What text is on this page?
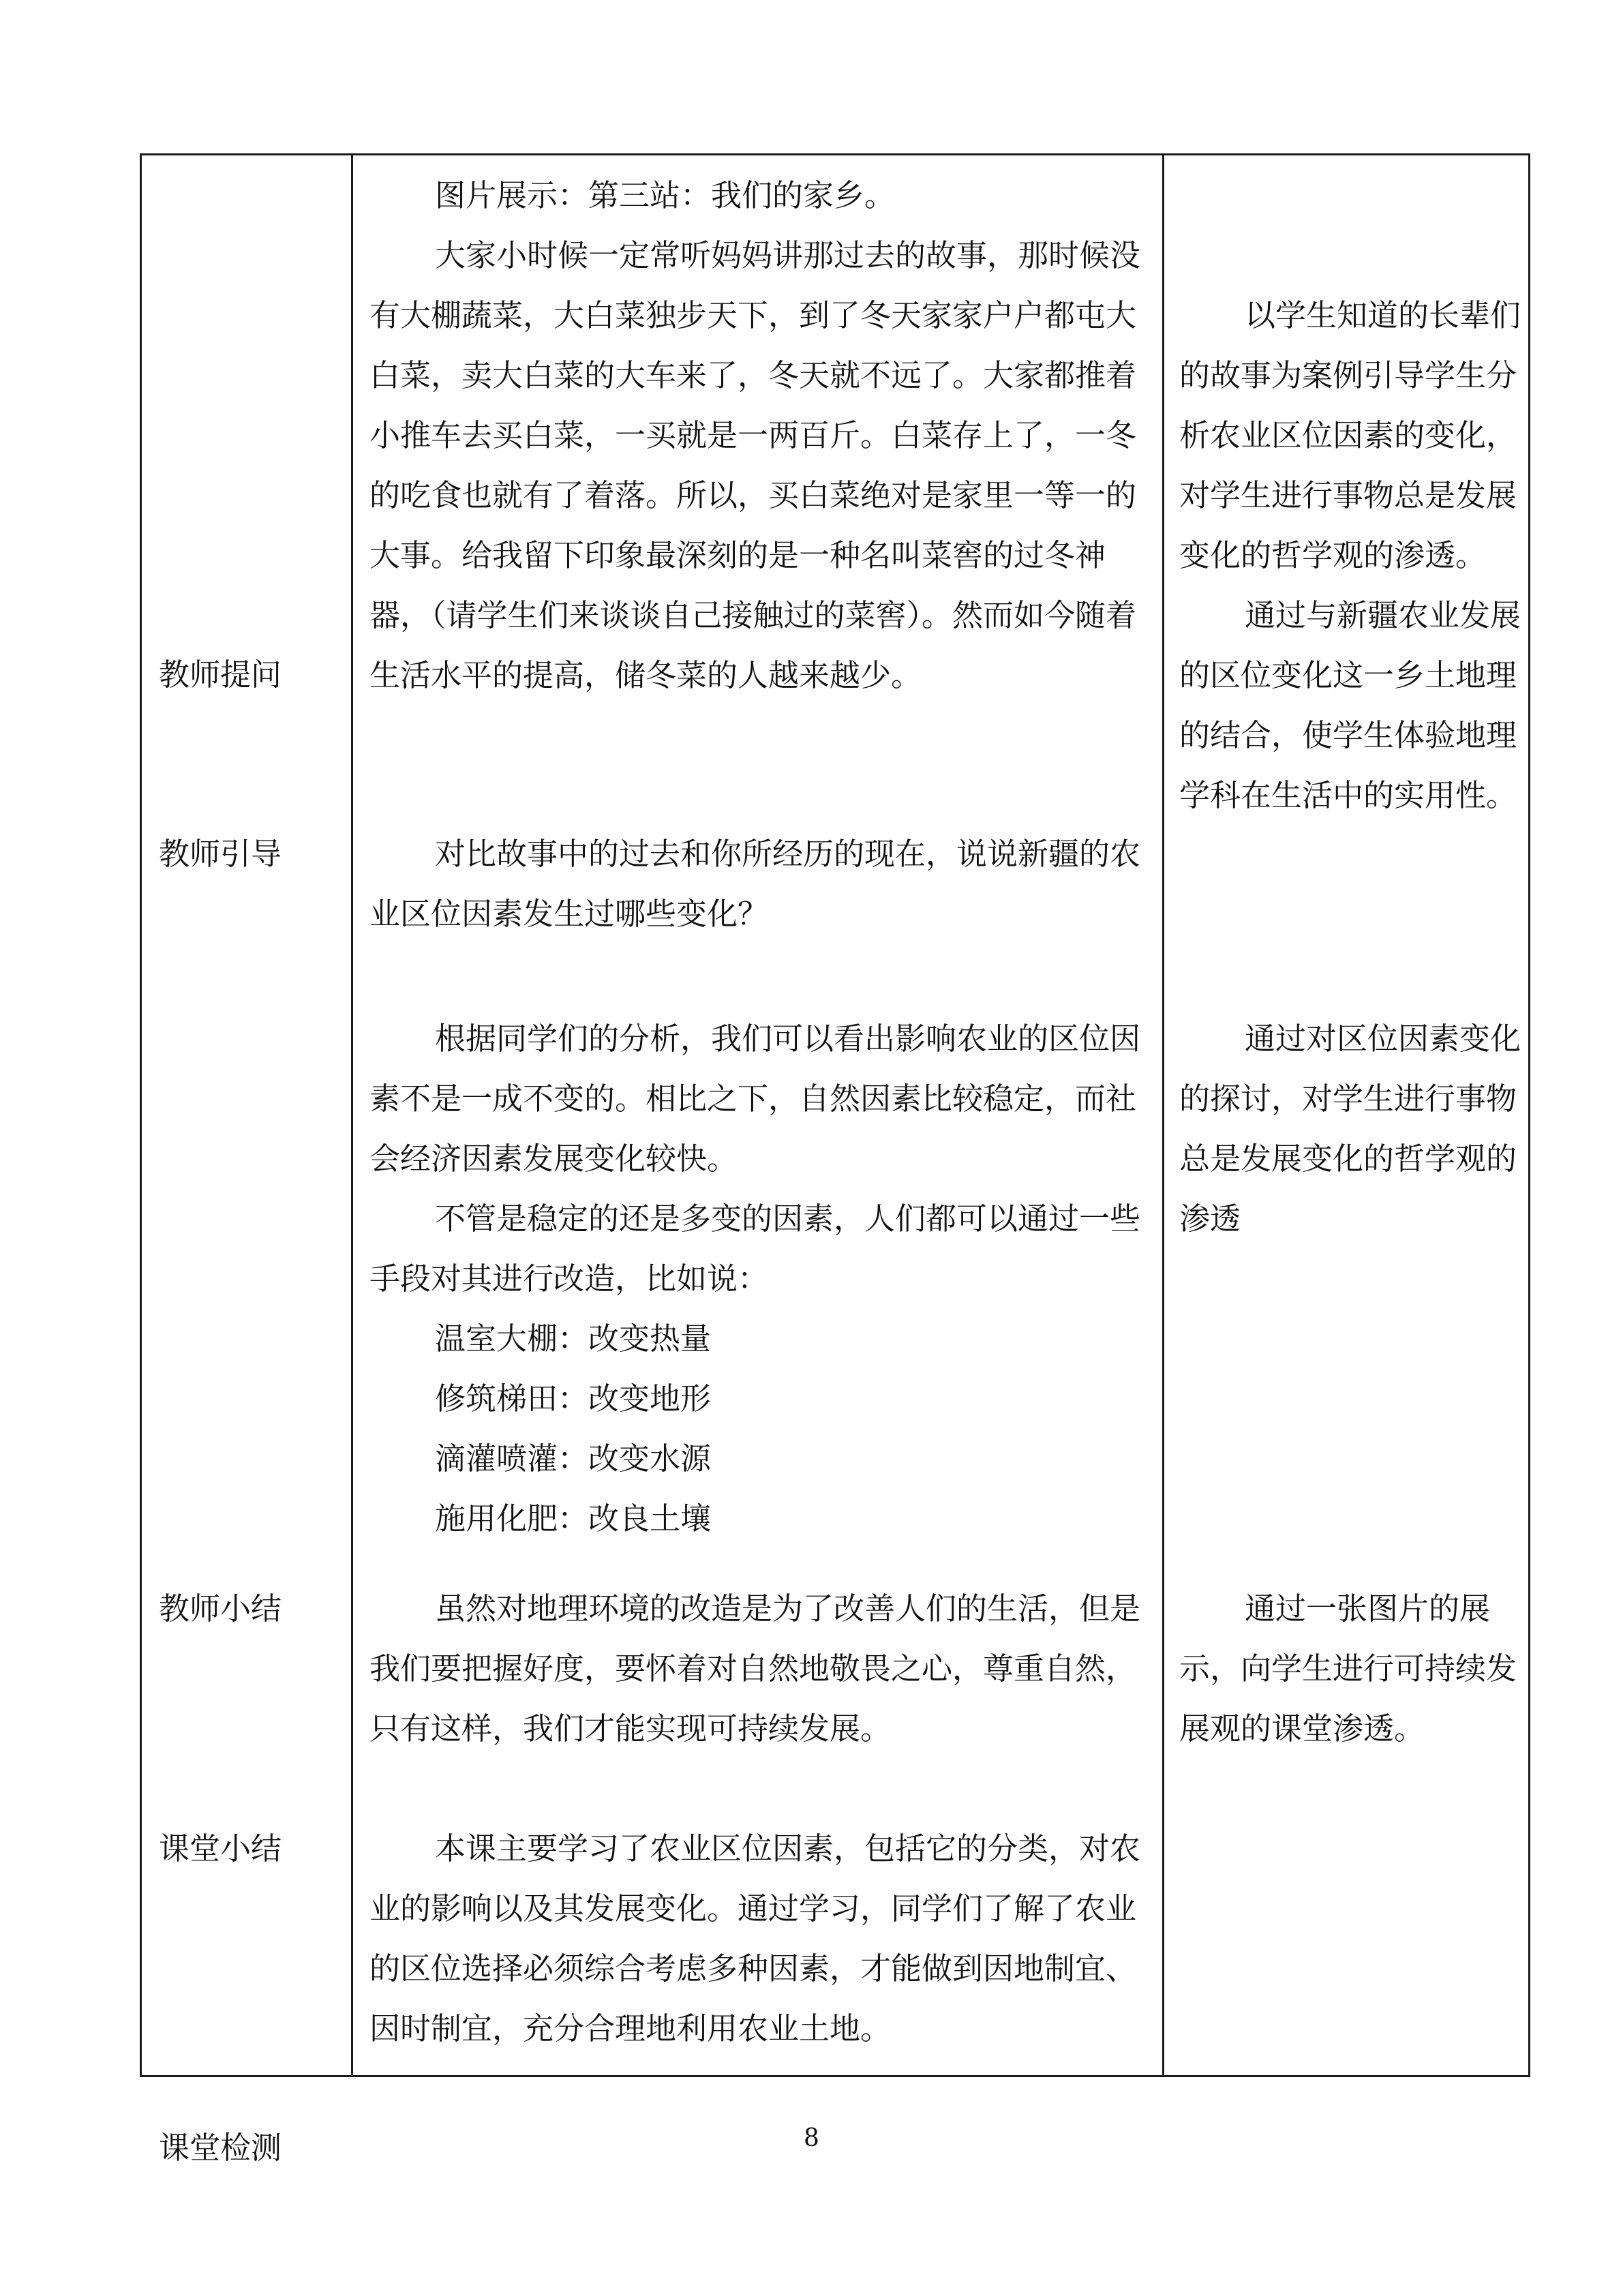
教师提问
教师引导
教师小结
课堂小结
课堂检测

图片展示：第三站：我们的家乡。

大家小时候一定常听妈妈讲那过去的故事，那时候没有大棚蔬菜，大白菜独步天下，到了冬天家家户户都屯大白菜，卖大白菜的大车来了，冬天就不远了。大家都推着小推车去买白菜，一买就是一两百斤。白菜存上了，一冬的吃食也就有了着落。所以，买白菜绝对是家里一等一的大事。给我留下印象最深刻的是一种名叫菜窖的过冬神器，（请学生们来谈谈自己接触过的菜窖）。然而如今随着生活水平的提高，储冬菜的人越来越少。

对比故事中的过去和你所经历的现在，说说新疆的农业区位因素发生过哪些变化？

根据同学们的分析，我们可以看出影响农业的区位因素不是一成不变的。相比之下，自然因素比较稳定，而社会经济因素发展变化较快。

不管是稳定的还是多变的因素，人们都可以通过一些手段对其进行改造，比如说：

温室大棚：改变热量

修筑梯田：改变地形

滴灌喷灌：改变水源

施用化肥：改良土壤

虽然对地理环境的改造是为了改善人们的生活，但是我们要把握好度，要怀着对自然地敬畏之心，尊重自然，只有这样，我们才能实现可持续发展。

本课主要学习了农业区位因素，包括它的分类，对农业的影响以及其发展变化。通过学习，同学们了解了农业的区位选择必须综合考虑多种因素，才能做到因地制宜、因时制宜，充分合理地利用农业土地。

以学生知道的长辈们的故事为案例引导学生分析农业区位因素的变化，对学生进行事物总是发展变化的哲学观的渗透。

通过与新疆农业发展的区位变化这一乡土地理的结合，使学生体验地理学科在生活中的实用性。

通过对区位因素变化的探讨，对学生进行事物总是发展变化的哲学观的渗透

通过一张图片的展示，向学生进行可持续发展观的课堂渗透。

8
